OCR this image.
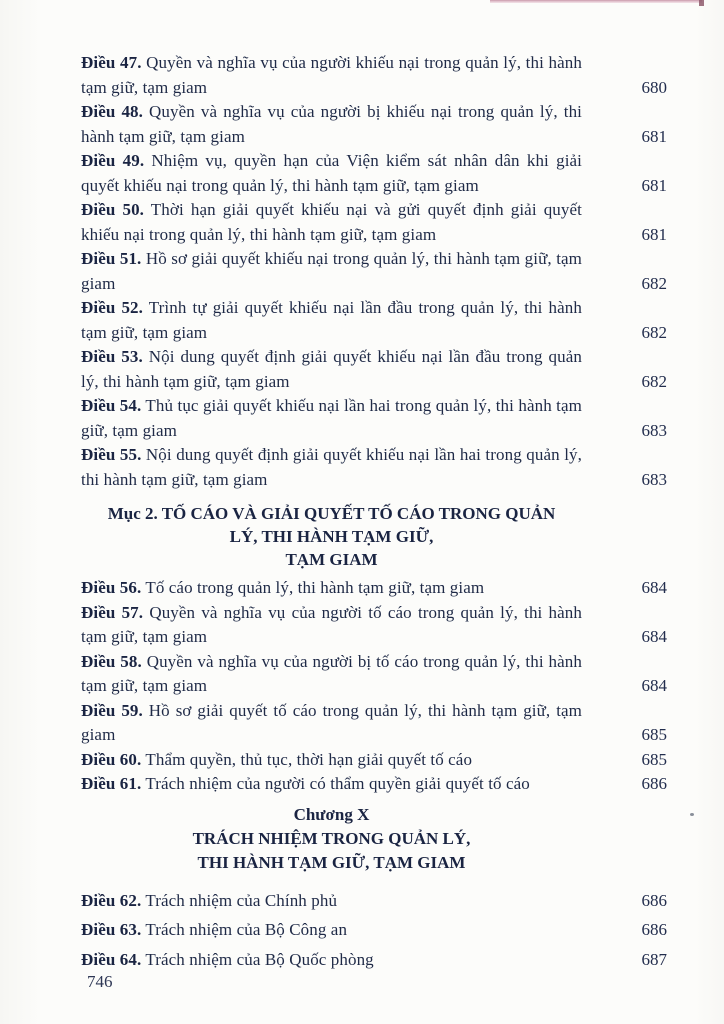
Điều 47. Quyền và nghĩa vụ của người khiếu nại trong quản lý, thi hành tạm giữ, tạm giam	680
Điều 48. Quyền và nghĩa vụ của người bị khiếu nại trong quản lý, thi hành tạm giữ, tạm giam	681
Điều 49. Nhiệm vụ, quyền hạn của Viện kiểm sát nhân dân khi giải quyết khiếu nại trong quản lý, thi hành tạm giữ, tạm giam	681
Điều 50. Thời hạn giải quyết khiếu nại và gửi quyết định giải quyết khiếu nại trong quản lý, thi hành tạm giữ, tạm giam	681
Điều 51. Hồ sơ giải quyết khiếu nại trong quản lý, thi hành tạm giữ, tạm giam	682
Điều 52. Trình tự giải quyết khiếu nại lần đầu trong quản lý, thi hành tạm giữ, tạm giam	682
Điều 53. Nội dung quyết định giải quyết khiếu nại lần đầu trong quản lý, thi hành tạm giữ, tạm giam	682
Điều 54. Thủ tục giải quyết khiếu nại lần hai trong quản lý, thi hành tạm giữ, tạm giam	683
Điều 55. Nội dung quyết định giải quyết khiếu nại lần hai trong quản lý, thi hành tạm giữ, tạm giam	683
Mục 2. TỐ CÁO VÀ GIẢI QUYẾT TỐ CÁO TRONG QUẢN
LÝ, THI HÀNH TẠM GIỮ,
TẠM GIAM
Điều 56. Tố cáo trong quản lý, thi hành tạm giữ, tạm giam	684
Điều 57. Quyền và nghĩa vụ của người tố cáo trong quản lý, thi hành tạm giữ, tạm giam	684
Điều 58. Quyền và nghĩa vụ của người bị tố cáo trong quản lý, thi hành tạm giữ, tạm giam	684
Điều 59. Hồ sơ giải quyết tố cáo trong quản lý, thi hành tạm giữ, tạm giam	685
Điều 60. Thẩm quyền, thủ tục, thời hạn giải quyết tố cáo	685
Điều 61. Trách nhiệm của người có thẩm quyền giải quyết tố cáo	686
Chương X
TRÁCH NHIỆM TRONG QUẢN LÝ,
THI HÀNH TẠM GIỮ, TẠM GIAM
Điều 62. Trách nhiệm của Chính phủ	686
Điều 63. Trách nhiệm của Bộ Công an	686
Điều 64. Trách nhiệm của Bộ Quốc phòng	687
746
